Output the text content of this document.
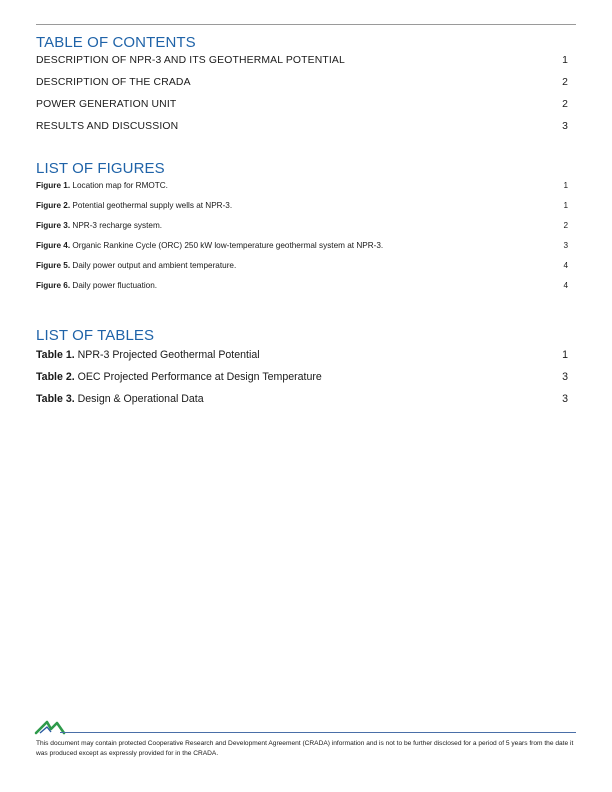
TABLE OF CONTENTS
DESCRIPTION OF NPR-3 AND ITS GEOTHERMAL POTENTIAL	1
DESCRIPTION OF THE CRADA	2
POWER GENERATION UNIT	2
RESULTS AND DISCUSSION	3
LIST OF FIGURES
Figure 1. Location map for RMOTC.	1
Figure 2. Potential geothermal supply wells at NPR-3.	1
Figure 3. NPR-3 recharge system.	2
Figure 4. Organic Rankine Cycle (ORC) 250 kW low-temperature geothermal system at NPR-3.	3
Figure 5. Daily power output and ambient temperature.	4
Figure 6. Daily power fluctuation.	4
LIST OF TABLES
Table 1. NPR-3 Projected Geothermal Potential	1
Table 2. OEC Projected Performance at Design Temperature	3
Table 3. Design & Operational Data	3
This document may contain protected Cooperative Research and Development Agreement (CRADA) information and is not to be further disclosed for a period of 5 years from the date it was produced except as expressly provided for in the CRADA.
